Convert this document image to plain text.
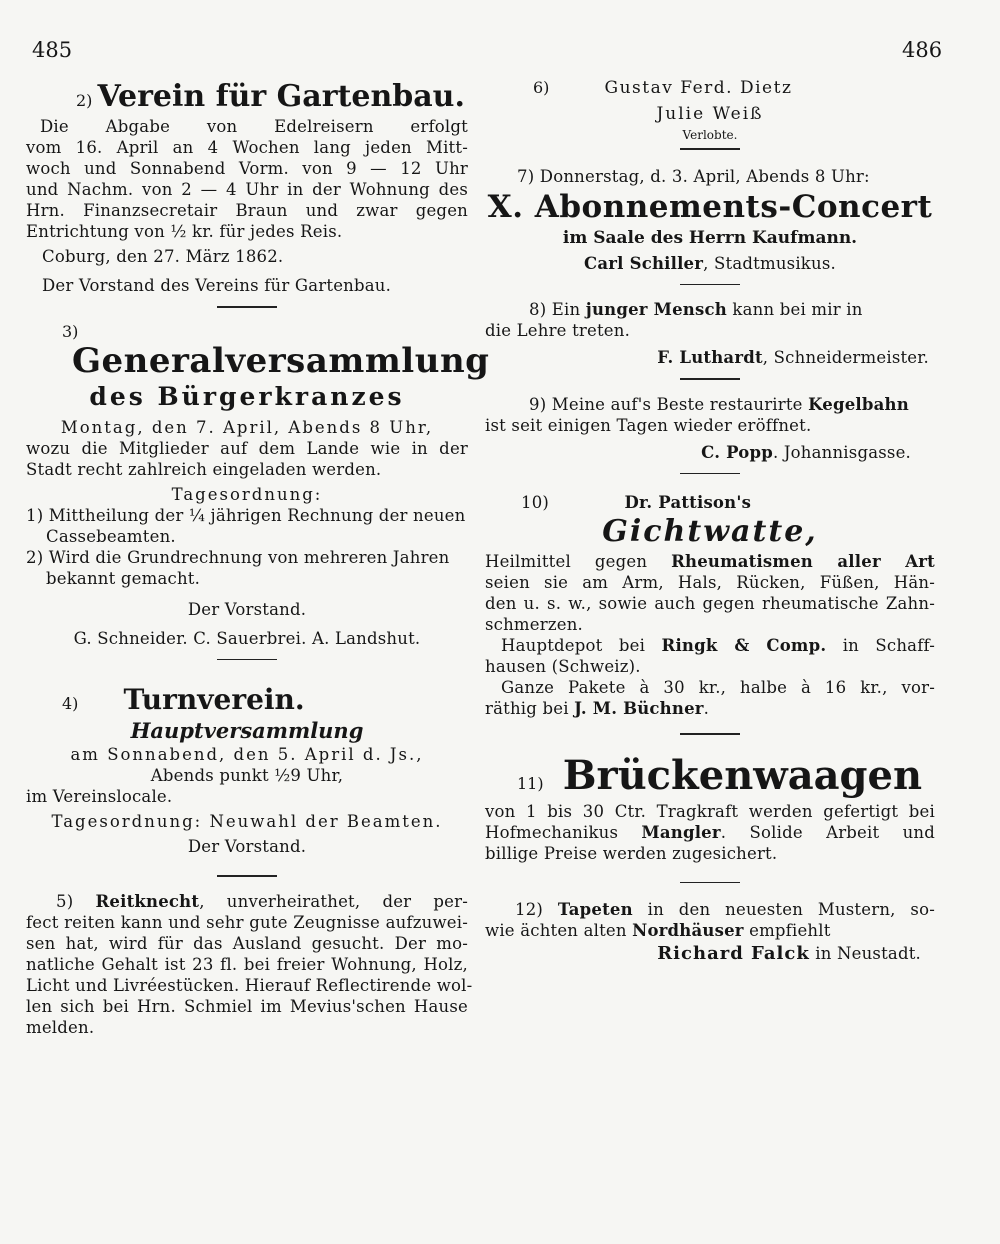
485	486

2) Verein für Gartenbau.

Die Abgabe von Edelreisern erfolgt

vom 16. April an 4 Wochen lang jeden Mitt-

woch und Sonnabend Vorm. von 9 — 12 Uhr

und Nachm. von 2 — 4 Uhr in der Wohnung des

Hrn. Finanzsecretair Braun und zwar gegen

Entrichtung von ½ kr. für jedes Reis.

Coburg, den 27. März 1862.

Der Vorstand des Vereins für Gartenbau.

3) Generalversammlung

des Bürgerkranzes

Montag, den 7. April, Abends 8 Uhr,

wozu die Mitglieder auf dem Lande wie in der

Stadt recht zahlreich eingeladen werden.

Tagesordnung:

1) Mittheilung der ¼ jährigen Rechnung der neuen

Cassebeamten.

2) Wird die Grundrechnung von mehreren Jahren

bekannt gemacht.

Der Vorstand.

G. Schneider. C. Sauerbrei. A. Landshut.

4) Turnverein.

Hauptversammlung

am Sonnabend, den 5. April d. Js.,

Abends punkt ½9 Uhr,

im Vereinslocale.

Tagesordnung: Neuwahl der Beamten.

Der Vorstand.

5) Reitknecht, unverheirathet, der per-

fect reiten kann und sehr gute Zeugnisse aufzuwei-

sen hat, wird für das Ausland gesucht. Der mo-

natliche Gehalt ist 23 fl. bei freier Wohnung, Holz,

Licht und Livréestücken. Hierauf Reflectirende wol-

len sich bei Hrn. Schmiel im Mevius'schen Hause

melden.

6)	Gustav Ferd. Dietz

Julie Weiß

Verlobte.

7) Donnerstag, d. 3. April, Abends 8 Uhr:

X. Abonnements-Concert

im Saale des Herrn Kaufmann.

Carl Schiller, Stadtmusikus.

8) Ein junger Mensch kann bei mir in

die Lehre treten.

F. Luthardt, Schneidermeister.

9) Meine auf's Beste restaurirte Kegelbahn

ist seit einigen Tagen wieder eröffnet.

C. Popp. Johannisgasse.

10)	Dr. Pattison's

Gichtwatte,

Heilmittel gegen Rheumatismen aller Art

seien sie am Arm, Hals, Rücken, Füßen, Hän-

den u. s. w., sowie auch gegen rheumatische Zahn-

schmerzen.

Hauptdepot bei Ringk & Comp. in Schaff-

hausen (Schweiz).

Ganze Pakete à 30 kr., halbe à 16 kr., vor-

räthig bei J. M. Büchner.

11) Brückenwaagen

von 1 bis 30 Ctr. Tragkraft werden gefertigt bei

Hofmechanikus Mangler. Solide Arbeit und

billige Preise werden zugesichert.

12) Tapeten in den neuesten Mustern, so-

wie ächten alten Nordhäuser empfiehlt

Richard Falck in Neustadt.
